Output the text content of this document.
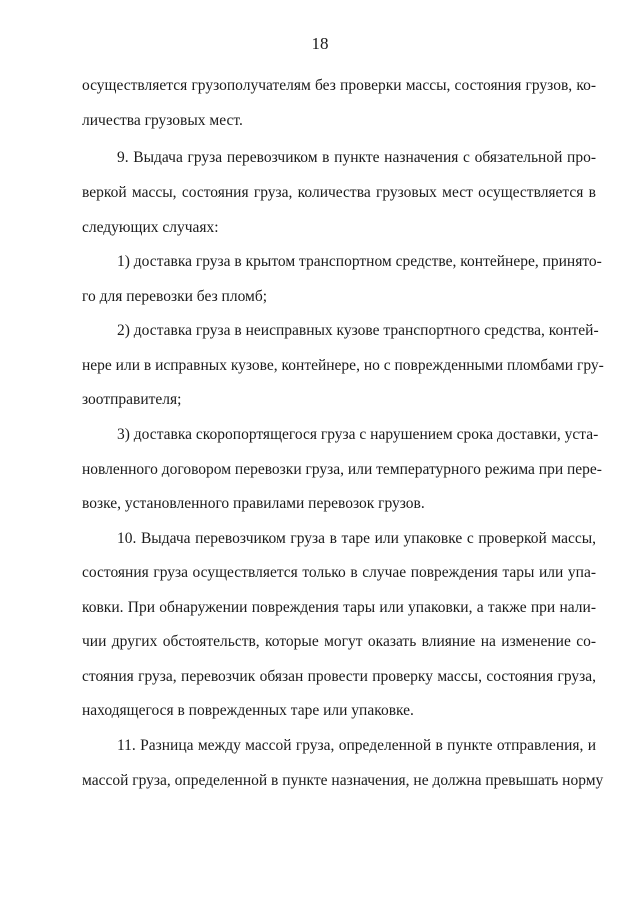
18
осуществляется грузополучателям без проверки массы, состояния грузов, ко-
личества грузовых мест.
9. Выдача груза перевозчиком в пункте назначения с обязательной про-
веркой массы, состояния груза, количества грузовых мест осуществляется в
следующих случаях:
1) доставка груза в крытом транспортном средстве, контейнере, принято-
го для перевозки без пломб;
2) доставка груза в неисправных кузове транспортного средства, контей-
нере или в исправных кузове, контейнере, но с поврежденными пломбами гру-
зоотправителя;
3) доставка скоропортящегося груза с нарушением срока доставки, уста-
новленного договором перевозки груза, или температурного режима при пере-
возке, установленного правилами перевозок грузов.
10. Выдача перевозчиком груза в таре или упаковке с проверкой массы,
состояния груза осуществляется только в случае повреждения тары или упа-
ковки. При обнаружении повреждения тары или упаковки, а также при нали-
чии других обстоятельств, которые могут оказать влияние на изменение со-
стояния груза, перевозчик обязан провести проверку массы, состояния груза,
находящегося в поврежденных таре или упаковке.
11. Разница между массой груза, определенной в пункте отправления, и
массой груза, определенной в пункте назначения, не должна превышать норму
